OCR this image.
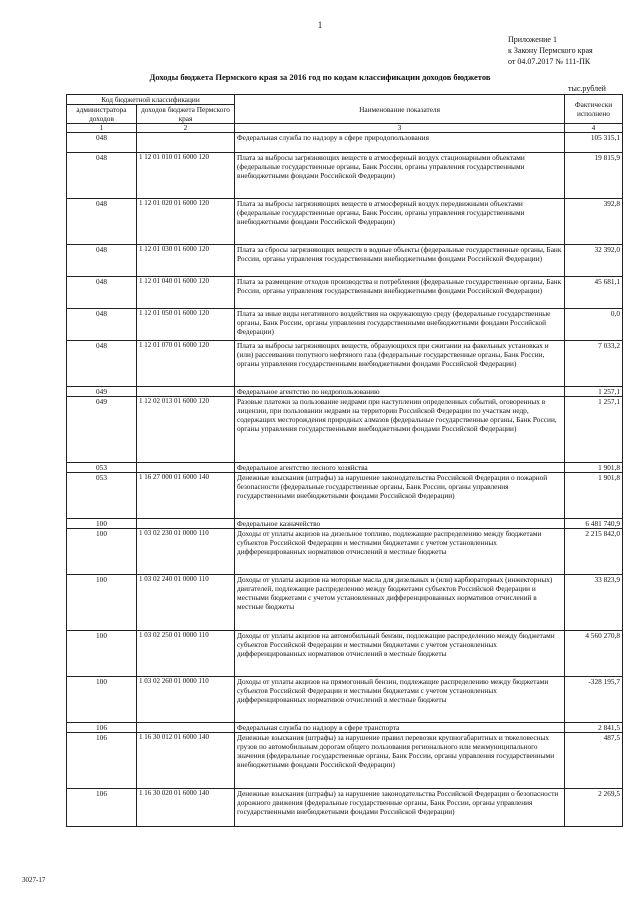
1
Приложение 1
к Закону Пермского края
от 04.07.2017 № 111-ПК
Доходы бюджета Пермского края за 2016 год по кодам классификации доходов бюджетов
тыс.рублей
Код бюджетной классификации		Наименование показателя	Фактически исполнено
администратора доходов	доходов бюджета Пермского края		
1	2	3	4
048		Федеральная служба по надзору в сфере природопользования	105 315,1
048	1 12 01 010 01 6000 120	Плата за выбросы загрязняющих веществ в атмосферный воздух стационарными объектами (федеральные государственные органы, Банк России, органы управления государственными внебюджетными фондами Российской Федерации)	19 815,9
048	1 12 01 020 01 6000 120	Плата за выбросы загрязняющих веществ в атмосферный воздух передвижными объектами (федеральные государственные органы, Банк России, органы управления государственными внебюджетными фондами Российской Федерации)	392,8
048	1 12 01 030 01 6000 120	Плата за сбросы загрязняющих веществ в водные объекты (федеральные государственные органы, Банк России, органы управления государственными внебюджетными фондами Российской Федерации)	32 392,0
048	1 12 01 040 01 6000 120	Плата за размещение отходов производства и потребления (федеральные государственные органы, Банк России, органы управления государственными внебюджетными фондами Российской Федерации)	45 681,1
048	1 12 01 050 01 6000 120	Плата за иные виды негативного воздействия на окружающую среду (федеральные государственные органы, Банк России, органы управления государственными внебюджетными фондами Российской Федерации)	0,0
048	1 12 01 070 01 6000 120	Плата за выбросы загрязняющих веществ, образующихся при сжигании на факельных установках и (или) рассеивании попутного нефтяного газа (федеральные государственные органы, Банк России, органы управления государственными внебюджетными фондами Российской Федерации)	7 033,2
049		Федеральное агентство по недропользованию	1 257,1
049	1 12 02 013 01 6000 120	Разовые платежи за пользование недрами при наступлении определенных событий, оговоренных в лицензии, при пользовании недрами на территории Российской Федерации по участкам недр, содержащих месторождения природных алмазов (федеральные государственные органы, Банк России, органы управления государственными внебюджетными фондами Российской Федерации)	1 257,1
053		Федеральное агентство лесного хозяйства	1 901,8
053	1 16 27 000 01 6000 140	Денежные взыскания (штрафы) за нарушение законодательства Российской Федерации о пожарной безопасности (федеральные государственные органы, Банк России, органы управления государственными внебюджетными фондами Российской Федерации)	1 901,8
100		Федеральное казначейство	6 481 740,9
100	1 03 02 230 01 0000 110	Доходы от уплаты акцизов на дизельное топливо, подлежащие распределению между бюджетами субъектов Российской Федерации и местными бюджетами с учетом установленных дифференцированных нормативов отчислений в местные бюджеты	2 215 842,0
100	1 03 02 240 01 0000 110	Доходы от уплаты акцизов на моторные масла для дизельных и (или) карбюраторных (инжекторных) двигателей, подлежащие распределению между бюджетами субъектов Российской Федерации и местными бюджетами с учетом установленных дифференцированных нормативов отчислений в местные бюджеты	33 823,9
100	1 03 02 250 01 0000 110	Доходы от уплаты акцизов на автомобильный бензин, подлежащие распределению между бюджетами субъектов Российской Федерации и местными бюджетами с учетом установленных дифференцированных нормативов отчислений в местные бюджеты	4 560 270,8
100	1 03 02 260 01 0000 110	Доходы от уплаты акцизов на прямогонный бензин, подлежащие распределению между бюджетами субъектов Российской Федерации и местными бюджетами с учетом установленных дифференцированных нормативов отчислений в местные бюджеты	-328 195,7
106		Федеральная служба по надзору в сфере транспорта	2 841,5
106	1 16 30 012 01 6000 140	Денежные взыскания (штрафы) за нарушение правил перевозки крупногабаритных и тяжеловесных грузов по автомобильным дорогам общего пользования регионального или межмуниципального значения (федеральные государственные органы, Банк России, органы управления государственными внебюджетными фондами Российской Федерации)	487,5
106	1 16 30 020 01 6000 140	Денежные взыскания (штрафы) за нарушение законодательства Российской Федерации о безопасности дорожного движения (федеральные государственные органы, Банк России, органы управления государственными внебюджетными фондами Российской Федерации)	2 269,5
3027-17
